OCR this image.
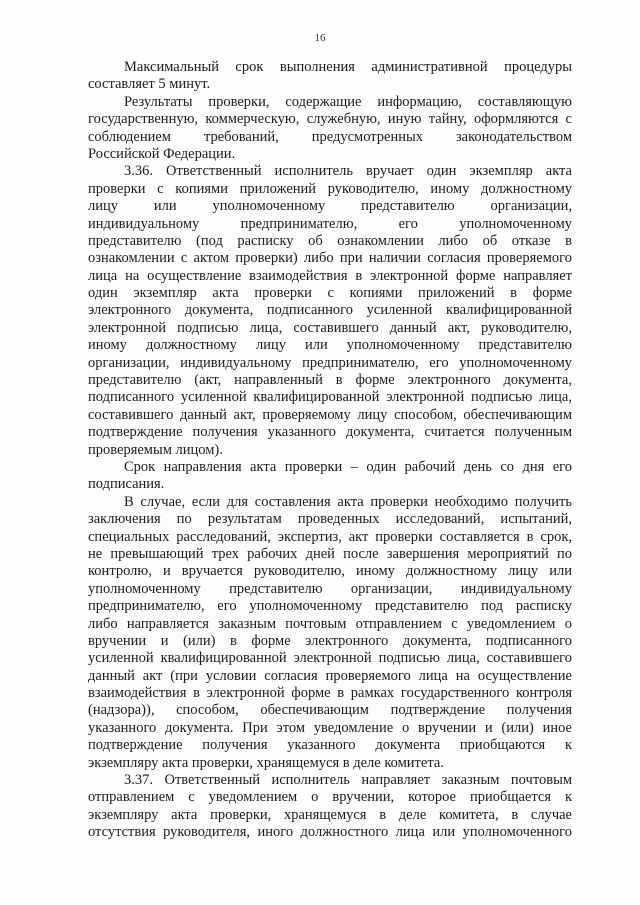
16
Максимальный срок выполнения административной процедуры
составляет 5 минут.
Результаты проверки, содержащие информацию, составляющую
государственную, коммерческую, служебную, иную тайну, оформляются с
соблюдением требований, предусмотренных законодательством
Российской Федерации.
3.36. Ответственный исполнитель вручает один экземпляр акта
проверки с копиями приложений руководителю, иному должностному
лицу или уполномоченному представителю организации,
индивидуальному предпринимателю, его уполномоченному
представителю (под расписку об ознакомлении либо об отказе в
ознакомлении с актом проверки) либо при наличии согласия проверяемого
лица на осуществление взаимодействия в электронной форме направляет
один экземпляр акта проверки с копиями приложений в форме
электронного документа, подписанного усиленной квалифицированной
электронной подписью лица, составившего данный акт, руководителю,
иному должностному лицу или уполномоченному представителю
организации, индивидуальному предпринимателю, его уполномоченному
представителю (акт, направленный в форме электронного документа,
подписанного усиленной квалифицированной электронной подписью лица,
составившего данный акт, проверяемому лицу способом, обеспечивающим
подтверждение получения указанного документа, считается полученным
проверяемым лицом).
Срок направления акта проверки – один рабочий день со дня его
подписания.
В случае, если для составления акта проверки необходимо получить
заключения по результатам проведенных исследований, испытаний,
специальных расследований, экспертиз, акт проверки составляется в срок,
не превышающий трех рабочих дней после завершения мероприятий по
контролю, и вручается руководителю, иному должностному лицу или
уполномоченному представителю организации, индивидуальному
предпринимателю, его уполномоченному представителю под расписку
либо направляется заказным почтовым отправлением с уведомлением о
вручении и (или) в форме электронного документа, подписанного
усиленной квалифицированной электронной подписью лица, составившего
данный акт (при условии согласия проверяемого лица на осуществление
взаимодействия в электронной форме в рамках государственного контроля
(надзора)), способом, обеспечивающим подтверждение получения
указанного документа. При этом уведомление о вручении и (или) иное
подтверждение получения указанного документа приобщаются к
экземпляру акта проверки, хранящемуся в деле комитета.
3.37. Ответственный исполнитель направляет заказным почтовым
отправлением с уведомлением о вручении, которое приобщается к
экземпляру акта проверки, хранящемуся в деле комитета, в случае
отсутствия руководителя, иного должностного лица или уполномоченного
